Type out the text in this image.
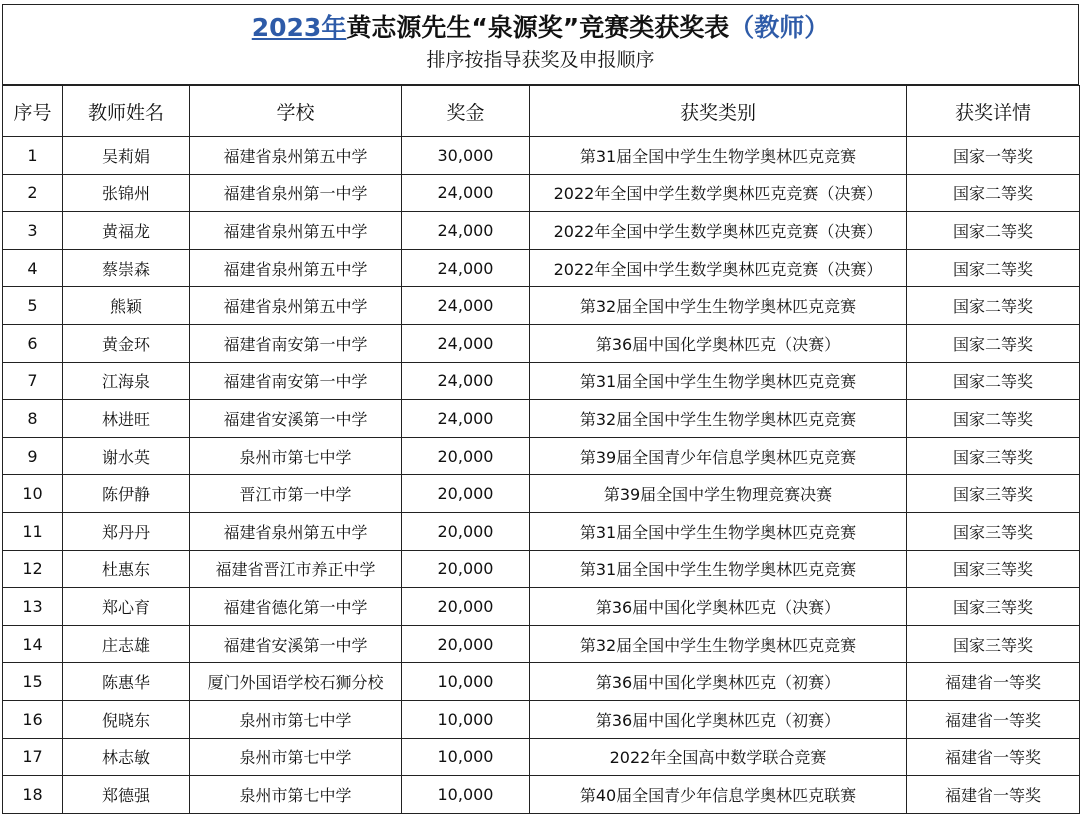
2023年黄志源先生“泉源奖”竞赛类获奖表（教师）
排序按指导获奖及申报顺序
序号	教师姓名	学校	奖金	获奖类别	获奖详情
1	吴莉娟	福建省泉州第五中学	30,000	第31届全国中学生生物学奥林匹克竞赛	国家一等奖
2	张锦州	福建省泉州第一中学	24,000	2022年全国中学生数学奥林匹克竞赛（决赛）	国家二等奖
3	黄福龙	福建省泉州第五中学	24,000	2022年全国中学生数学奥林匹克竞赛（决赛）	国家二等奖
4	蔡崇森	福建省泉州第五中学	24,000	2022年全国中学生数学奥林匹克竞赛（决赛）	国家二等奖
5	熊颖	福建省泉州第五中学	24,000	第32届全国中学生生物学奥林匹克竞赛	国家二等奖
6	黄金环	福建省南安第一中学	24,000	第36届中国化学奥林匹克（决赛）	国家二等奖
7	江海泉	福建省南安第一中学	24,000	第31届全国中学生生物学奥林匹克竞赛	国家二等奖
8	林进旺	福建省安溪第一中学	24,000	第32届全国中学生生物学奥林匹克竞赛	国家二等奖
9	谢水英	泉州市第七中学	20,000	第39届全国青少年信息学奥林匹克竞赛	国家三等奖
10	陈伊静	晋江市第一中学	20,000	第39届全国中学生物理竞赛决赛	国家三等奖
11	郑丹丹	福建省泉州第五中学	20,000	第31届全国中学生生物学奥林匹克竞赛	国家三等奖
12	杜惠东	福建省晋江市养正中学	20,000	第31届全国中学生生物学奥林匹克竞赛	国家三等奖
13	郑心育	福建省德化第一中学	20,000	第36届中国化学奥林匹克（决赛）	国家三等奖
14	庄志雄	福建省安溪第一中学	20,000	第32届全国中学生生物学奥林匹克竞赛	国家三等奖
15	陈惠华	厦门外国语学校石狮分校	10,000	第36届中国化学奥林匹克（初赛）	福建省一等奖
16	倪晓东	泉州市第七中学	10,000	第36届中国化学奥林匹克（初赛）	福建省一等奖
17	林志敏	泉州市第七中学	10,000	2022年全国高中数学联合竞赛	福建省一等奖
18	郑德强	泉州市第七中学	10,000	第40届全国青少年信息学奥林匹克联赛	福建省一等奖
